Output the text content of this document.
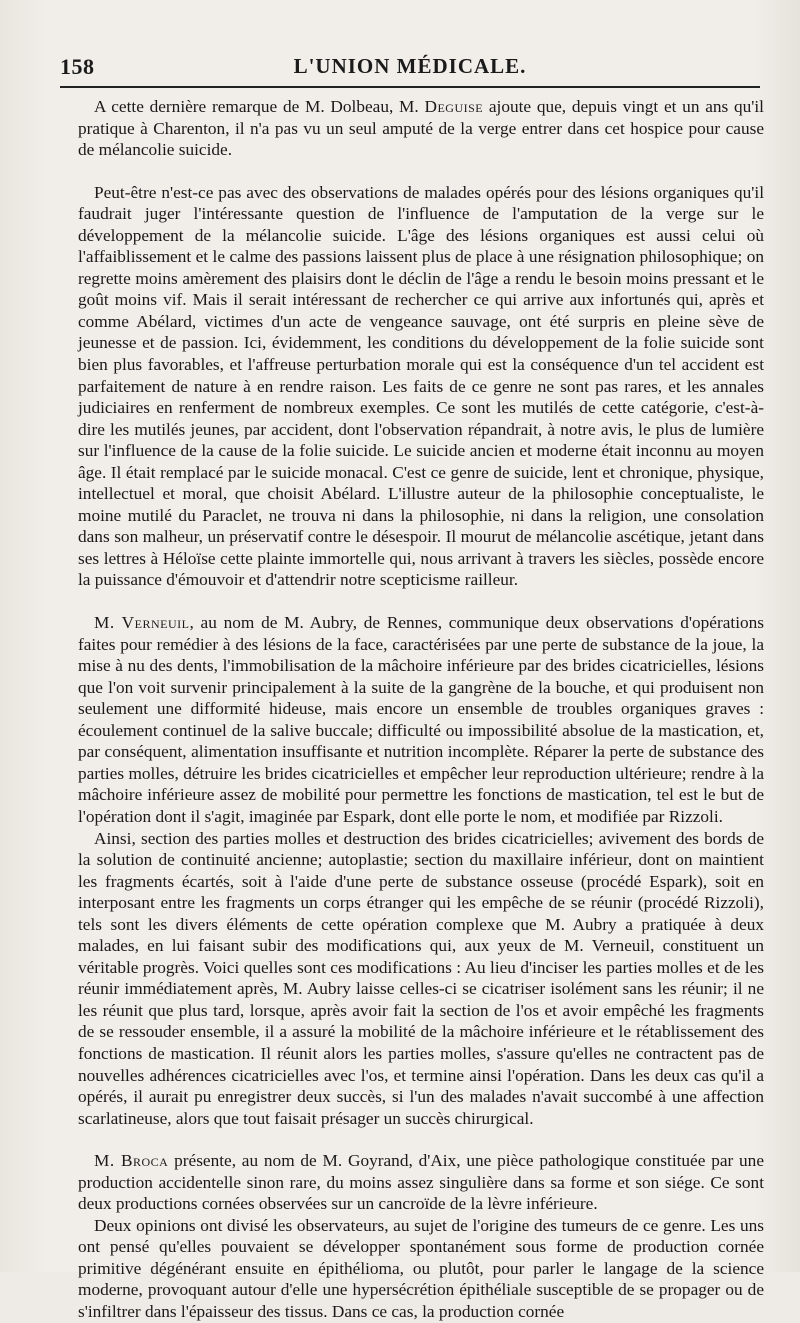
158	L'UNION MÉDICALE.

A cette dernière remarque de M. Dolbeau, M. Deguise ajoute que, depuis vingt et un ans qu'il pratique à Charenton, il n'a pas vu un seul amputé de la verge entrer dans cet hospice pour cause de mélancolie suicide.

Peut-être n'est-ce pas avec des observations de malades opérés pour des lésions organiques qu'il faudrait juger l'intéressante question de l'influence de l'amputation de la verge sur le développement de la mélancolie suicide. L'âge des lésions organiques est aussi celui où l'affaiblissement et le calme des passions laissent plus de place à une résignation philosophique; on regrette moins amèrement des plaisirs dont le déclin de l'âge a rendu le besoin moins pressant et le goût moins vif. Mais il serait intéressant de rechercher ce qui arrive aux infortunés qui, après et comme Abélard, victimes d'un acte de vengeance sauvage, ont été surpris en pleine sève de jeunesse et de passion. Ici, évidemment, les conditions du développement de la folie suicide sont bien plus favorables, et l'affreuse perturbation morale qui est la conséquence d'un tel accident est parfaitement de nature à en rendre raison. Les faits de ce genre ne sont pas rares, et les annales judiciaires en renferment de nombreux exemples. Ce sont les mutilés de cette catégorie, c'est-à-dire les mutilés jeunes, par accident, dont l'observation répandrait, à notre avis, le plus de lumière sur l'influence de la cause de la folie suicide. Le suicide ancien et moderne était inconnu au moyen âge. Il était remplacé par le suicide monacal. C'est ce genre de suicide, lent et chronique, physique, intellectuel et moral, que choisit Abélard. L'illustre auteur de la philosophie conceptualiste, le moine mutilé du Paraclet, ne trouva ni dans la philosophie, ni dans la religion, une consolation dans son malheur, un préservatif contre le désespoir. Il mourut de mélancolie ascétique, jetant dans ses lettres à Héloïse cette plainte immortelle qui, nous arrivant à travers les siècles, possède encore la puissance d'émouvoir et d'attendrir notre scepticisme railleur.

M. Verneuil, au nom de M. Aubry, de Rennes, communique deux observations d'opérations faites pour remédier à des lésions de la face, caractérisées par une perte de substance de la joue, la mise à nu des dents, l'immobilisation de la mâchoire inférieure par des brides cicatricielles, lésions que l'on voit survenir principalement à la suite de la gangrène de la bouche, et qui produisent non seulement une difformité hideuse, mais encore un ensemble de troubles organiques graves : écoulement continuel de la salive buccale; difficulté ou impossibilité absolue de la mastication, et, par conséquent, alimentation insuffisante et nutrition incomplète. Réparer la perte de substance des parties molles, détruire les brides cicatricielles et empêcher leur reproduction ultérieure; rendre à la mâchoire inférieure assez de mobilité pour permettre les fonctions de mastication, tel est le but de l'opération dont il s'agit, imaginée par Espark, dont elle porte le nom, et modifiée par Rizzoli.

Ainsi, section des parties molles et destruction des brides cicatricielles; avivement des bords de la solution de continuité ancienne; autoplastie; section du maxillaire inférieur, dont on maintient les fragments écartés, soit à l'aide d'une perte de substance osseuse (procédé Espark), soit en interposant entre les fragments un corps étranger qui les empêche de se réunir (procédé Rizzoli), tels sont les divers éléments de cette opération complexe que M. Aubry a pratiquée à deux malades, en lui faisant subir des modifications qui, aux yeux de M. Verneuil, constituent un véritable progrès. Voici quelles sont ces modifications : Au lieu d'inciser les parties molles et de les réunir immédiatement après, M. Aubry laisse celles-ci se cicatriser isolément sans les réunir; il ne les réunit que plus tard, lorsque, après avoir fait la section de l'os et avoir empêché les fragments de se ressouder ensemble, il a assuré la mobilité de la mâchoire inférieure et le rétablissement des fonctions de mastication. Il réunit alors les parties molles, s'assure qu'elles ne contractent pas de nouvelles adhérences cicatricielles avec l'os, et termine ainsi l'opération. Dans les deux cas qu'il a opérés, il aurait pu enregistrer deux succès, si l'un des malades n'avait succombé à une affection scarlatineuse, alors que tout faisait présager un succès chirurgical.

M. Broca présente, au nom de M. Goyrand, d'Aix, une pièce pathologique constituée par une production accidentelle sinon rare, du moins assez singulière dans sa forme et son siége. Ce sont deux productions cornées observées sur un cancroïde de la lèvre inférieure.

Deux opinions ont divisé les observateurs, au sujet de l'origine des tumeurs de ce genre. Les uns ont pensé qu'elles pouvaient se développer spontanément sous forme de production cornée primitive dégénérant ensuite en épithélioma, ou plutôt, pour parler le langage de la science moderne, provoquant autour d'elle une hypersécrétion épithéliale susceptible de se propager ou de s'infiltrer dans l'épaisseur des tissus. Dans ce cas, la production cornée
